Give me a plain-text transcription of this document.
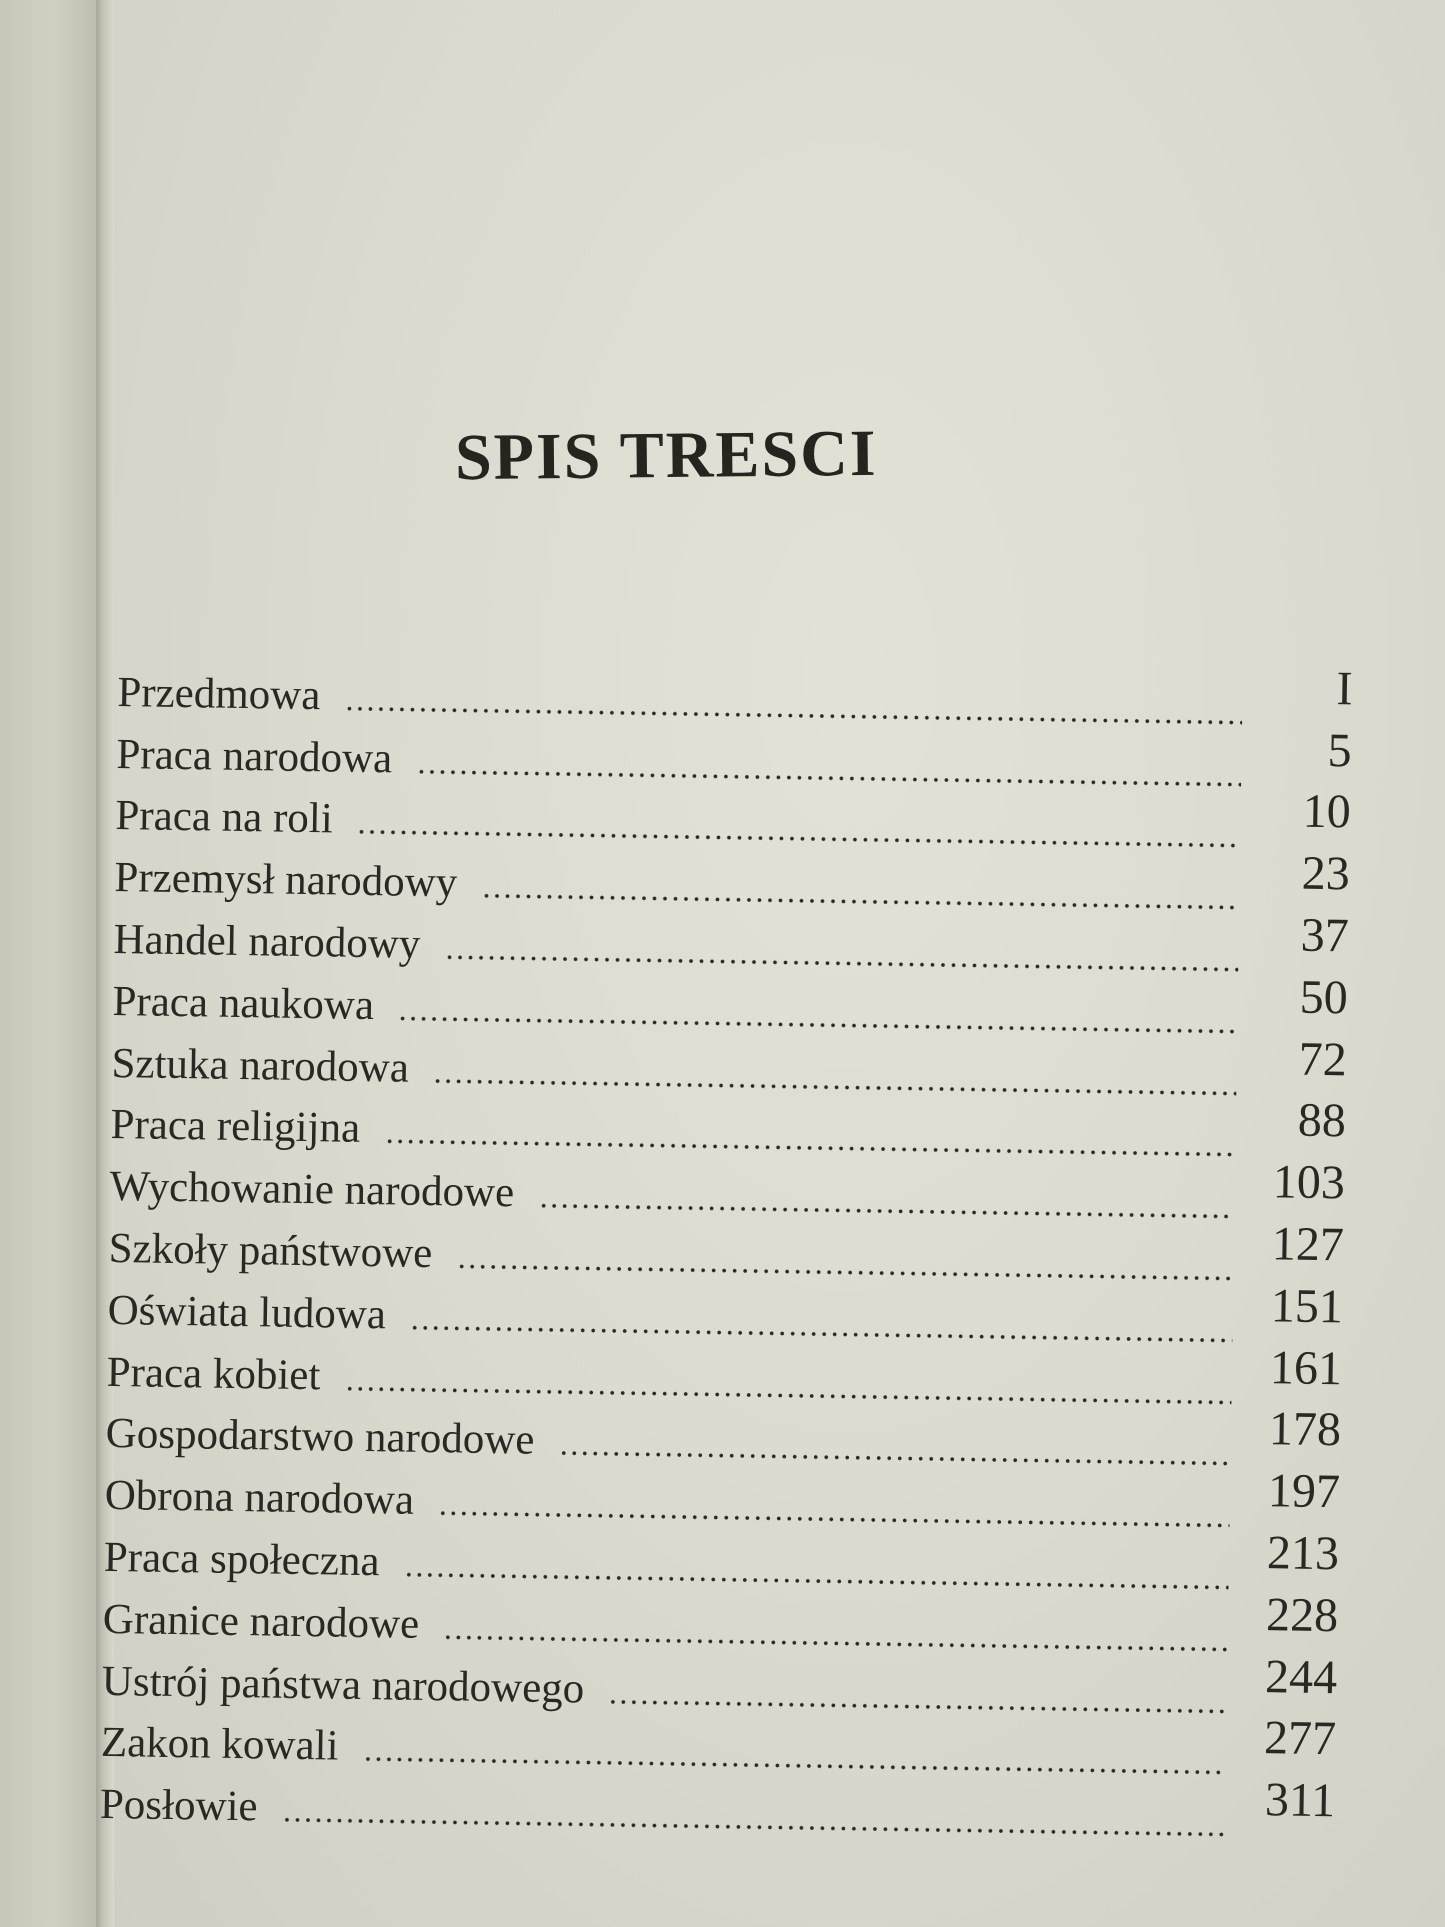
SPIS TRESCI
Przedmowa	I
Praca narodowa	5
Praca na roli	10
Przemysł narodowy	23
Handel narodowy	37
Praca naukowa	50
Sztuka narodowa	72
Praca religijna	88
Wychowanie narodowe	103
Szkoły państwowe	127
Oświata ludowa	151
Praca kobiet	161
Gospodarstwo narodowe	178
Obrona narodowa	197
Praca społeczna	213
Granice narodowe	228
Ustrój państwa narodowego	244
Zakon kowali	277
Posłowie	311
